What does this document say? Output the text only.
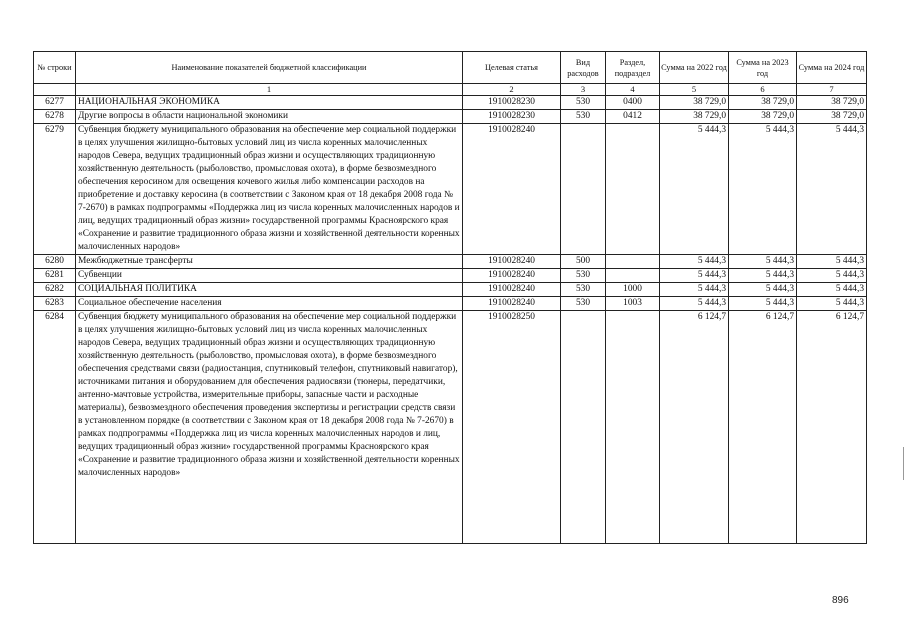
№ строки	Наименование показателей бюджетной классификации	Целевая статья	Вид расходов	Раздел, подраздел	Сумма на 2022 год	Сумма на 2023 год	Сумма на 2024 год
	1	2	3	4	5	6	7
6277	НАЦИОНАЛЬНАЯ ЭКОНОМИКА	1910028230	530	0400	38 729,0	38 729,0	38 729,0
6278	Другие вопросы в области национальной экономики	1910028230	530	0412	38 729,0	38 729,0	38 729,0
6279	Субвенция бюджету муниципального образования на обеспечение мер социальной поддержки в целях улучшения жилищно-бытовых условий лиц из числа коренных малочисленных народов Севера, ведущих традиционный образ жизни и осуществляющих традиционную хозяйственную деятельность (рыболовство, промысловая охота), в форме безвозмездного обеспечения керосином для освещения кочевого жилья либо компенсации расходов на приобретение и доставку керосина (в соответствии с Законом края от 18 декабря 2008 года № 7-2670) в рамках подпрограммы «Поддержка лиц из числа коренных малочисленных народов и лиц, ведущих традиционный образ жизни» государственной программы Красноярского края «Сохранение и развитие традиционного образа жизни и хозяйственной деятельности коренных малочисленных народов»	1910028240			5 444,3	5 444,3	5 444,3
6280	Межбюджетные трансферты	1910028240	500		5 444,3	5 444,3	5 444,3
6281	Субвенции	1910028240	530		5 444,3	5 444,3	5 444,3
6282	СОЦИАЛЬНАЯ ПОЛИТИКА	1910028240	530	1000	5 444,3	5 444,3	5 444,3
6283	Социальное обеспечение населения	1910028240	530	1003	5 444,3	5 444,3	5 444,3
6284	Субвенция бюджету муниципального образования на обеспечение мер социальной поддержки в целях улучшения жилищно-бытовых условий лиц из числа коренных малочисленных народов Севера, ведущих традиционный образ жизни и осуществляющих традиционную хозяйственную деятельность (рыболовство, промысловая охота), в форме безвозмездного обеспечения средствами связи (радиостанция, спутниковый телефон, спутниковый навигатор), источниками питания и оборудованием для обеспечения радиосвязи (тюнеры, передатчики, антенно-мачтовые устройства, измерительные приборы, запасные части и расходные материалы), безвозмездного обеспечения проведения экспертизы и регистрации средств связи в установленном порядке (в соответствии с Законом края от 18 декабря 2008 года № 7-2670) в рамках подпрограммы «Поддержка лиц из числа коренных малочисленных народов и лиц, ведущих традиционный образ жизни» государственной программы Красноярского края «Сохранение и развитие традиционного образа жизни и хозяйственной деятельности коренных малочисленных народов»	1910028250			6 124,7	6 124,7	6 124,7
896
